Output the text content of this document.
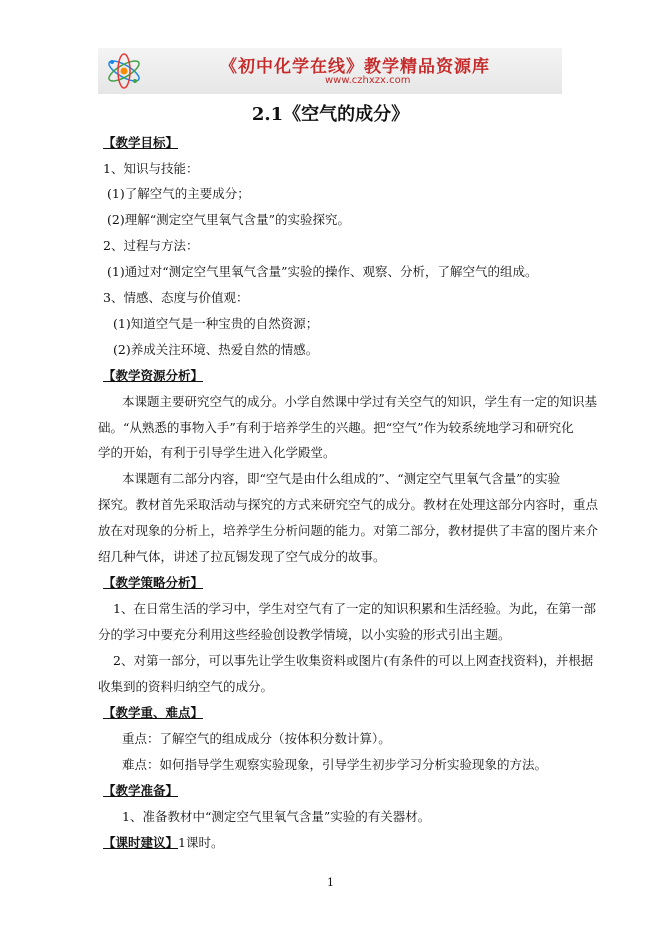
《初中化学在线》教学精品资源库
www.czhxzx.com
2.1《空气的成分》
【教学目标】
1、知识与技能：
(1)了解空气的主要成分；
(2)理解“测定空气里氧气含量”的实验探究。
2、过程与方法：
(1)通过对“测定空气里氧气含量”实验的操作、观察、分析，了解空气的组成。
3、情感、态度与价值观：
(1)知道空气是一种宝贵的自然资源；
(2)养成关注环境、热爱自然的情感。
【教学资源分析】
本课题主要研究空气的成分。小学自然课中学过有关空气的知识，学生有一定的知识基
础。“从熟悉的事物入手”有利于培养学生的兴趣。把“空气”作为较系统地学习和研究化
学的开始，有利于引导学生进入化学殿堂。
本课题有二部分内容，即“空气是由什么组成的”、“测定空气里氧气含量”的实验
探究。教材首先采取活动与探究的方式来研究空气的成分。教材在处理这部分内容时，重点
放在对现象的分析上，培养学生分析问题的能力。对第二部分，教材提供了丰富的图片来介
绍几种气体，讲述了拉瓦锡发现了空气成分的故事。
【教学策略分析】
1、在日常生活的学习中，学生对空气有了一定的知识积累和生活经验。为此，在第一部
分的学习中要充分利用这些经验创设教学情境，以小实验的形式引出主题。
2、对第一部分，可以事先让学生收集资料或图片(有条件的可以上网查找资料)，并根据
收集到的资料归纳空气的成分。
【教学重、难点】
重点：了解空气的组成成分（按体积分数计算）。
难点：如何指导学生观察实验现象，引导学生初步学习分析实验现象的方法。
【教学准备】
1、准备教材中“测定空气里氧气含量”实验的有关器材。
【课时建议】1课时。
1
